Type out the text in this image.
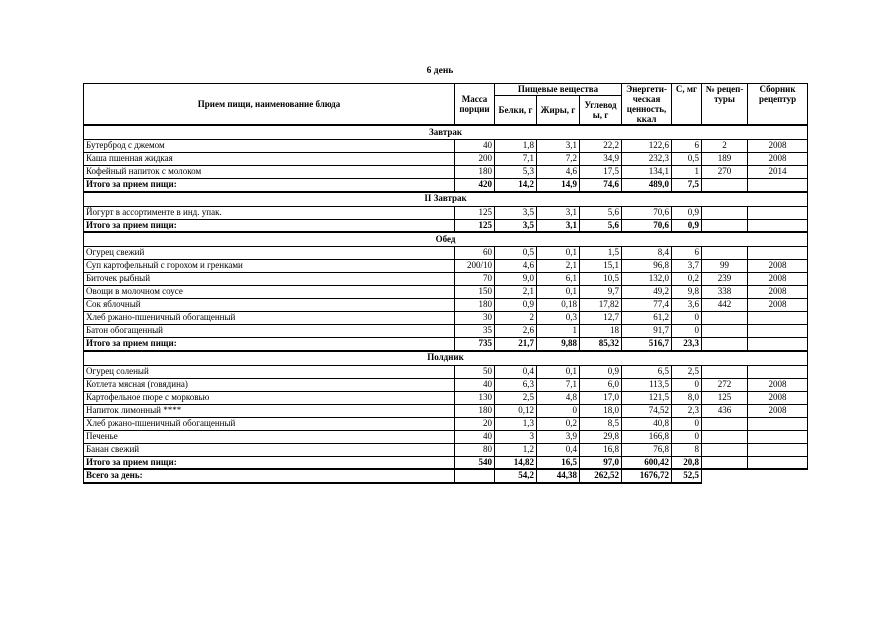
6 день
Прием пищи, наименование блюда	Масса порции	Пищевые вещества			Энергети- ческая ценность, ккал	С, мг	№ рецеп- туры	Сборник рецептур
		Белки, г	Жиры, г	Углевод ы, г				
Завтрак								
Бутерброд с джемом	40	1,8	3,1	22,2	122,6	6	2	2008
Каша пшенная жидкая	200	7,1	7,2	34,9	232,3	0,5	189	2008
Кофейный напиток с молоком	180	5,3	4,6	17,5	134,1	1	270	2014
Итого за прием пищи:	420	14,2	14,9	74,6	489,0	7,5		
II Завтрак								
Йогурт в ассортименте в инд. упак.	125	3,5	3,1	5,6	70,6	0,9		
Итого за прием пищи:	125	3,5	3,1	5,6	70,6	0,9		
Обед								
Огурец свежий	60	0,5	0,1	1,5	8,4	6		
Суп картофельный с горохом и гренками	200/10	4,6	2,1	15,1	96,8	3,7	99	2008
Биточек рыбный	70	9,0	6,1	10,5	132,0	0,2	239	2008
Овощи в молочном соусе	150	2,1	0,1	9,7	49,2	9,8	338	2008
Сок яблочный	180	0,9	0,18	17,82	77,4	3,6	442	2008
Хлеб ржано-пшеничный обогащенный	30	2	0,3	12,7	61,2	0		
Батон обогащенный	35	2,6	1	18	91,7	0		
Итого за прием пищи:	735	21,7	9,88	85,32	516,7	23,3		
Полдник								
Огурец соленый	50	0,4	0,1	0,9	6,5	2,5		
Котлета мясная (говядина)	40	6,3	7,1	6,0	113,5	0	272	2008
Картофельное пюре с морковью	130	2,5	4,8	17,0	121,5	8,0	125	2008
Напиток лимонный ****	180	0,12	0	18,0	74,52	2,3	436	2008
Хлеб ржано-пшеничный обогащенный	20	1,3	0,2	8,5	40,8	0		
Печенье	40	3	3,9	29,8	166,8	0		
Банан свежий	80	1,2	0,4	16,8	76,8	8		
Итого за прием пищи:	540	14,82	16,5	97,0	600,42	20,8		
Всего за день:		54,2	44,38	262,52	1676,72	52,5		
